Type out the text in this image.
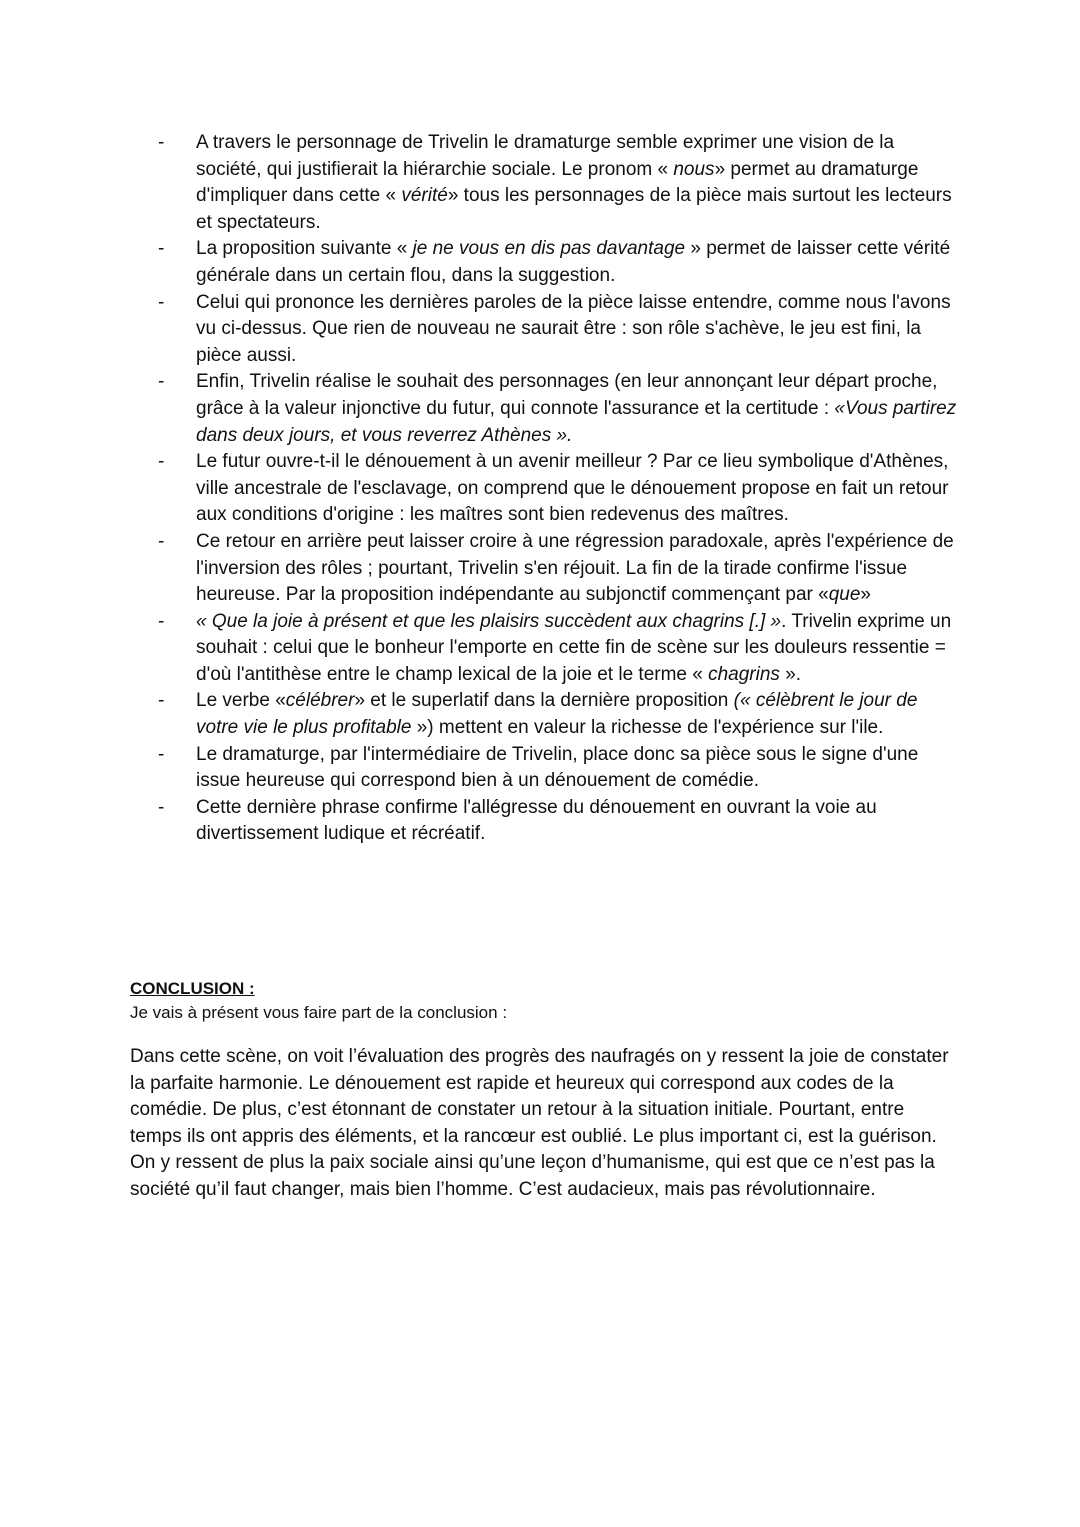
-	A travers le personnage de Trivelin le dramaturge semble exprimer une vision de la société, qui justifierait la hiérarchie sociale. Le pronom « nous» permet au dramaturge d'impliquer dans cette « vérité» tous les personnages de la pièce mais surtout les lecteurs et spectateurs.
-	La proposition suivante « je ne vous en dis pas davantage » permet de laisser cette vérité générale dans un certain flou, dans la suggestion.
-	Celui qui prononce les dernières paroles de la pièce laisse entendre, comme nous l'avons vu ci-dessus. Que rien de nouveau ne saurait être : son rôle s'achève, le jeu est fini, la pièce aussi.
-	Enfin, Trivelin réalise le souhait des personnages (en leur annonçant leur départ proche, grâce à la valeur injonctive du futur, qui connote l'assurance et la certitude : «Vous partirez dans deux jours, et vous reverrez Athènes ».
-	Le futur ouvre-t-il le dénouement à un avenir meilleur ? Par ce lieu symbolique d'Athènes, ville ancestrale de l'esclavage, on comprend que le dénouement propose en fait un retour aux conditions d'origine : les maîtres sont bien redevenus des maîtres.
-	Ce retour en arrière peut laisser croire à une régression paradoxale, après l'expérience de l'inversion des rôles ; pourtant, Trivelin s'en réjouit. La fin de la tirade confirme l'issue heureuse. Par la proposition indépendante au subjonctif commençant par «que»
-	« Que la joie à présent et que les plaisirs succèdent aux chagrins [.] ». Trivelin exprime un souhait : celui que le bonheur l'emporte en cette fin de scène sur les douleurs ressentie = d'où l'antithèse entre le champ lexical de la joie et le terme « chagrins ».
-	Le verbe «célébrer» et le superlatif dans la dernière proposition (« célèbrent le jour de votre vie le plus profitable ») mettent en valeur la richesse de l'expérience sur l'ile.
-	Le dramaturge, par l'intermédiaire de Trivelin, place donc sa pièce sous le signe d'une issue heureuse qui correspond bien à un dénouement de comédie.
-	Cette dernière phrase confirme l'allégresse du dénouement en ouvrant la voie au divertissement ludique et récréatif.

CONCLUSION :

Je vais à présent vous faire part de la conclusion :

Dans cette scène, on voit l’évaluation des progrès des naufragés on y ressent la joie de constater la parfaite harmonie. Le dénouement est rapide et heureux qui correspond aux codes de la comédie. De plus, c’est étonnant de constater un retour à la situation initiale. Pourtant, entre temps ils ont appris des éléments, et la rancœur est oublié. Le plus important ci, est la guérison. On y ressent de plus la paix sociale ainsi qu’une leçon d’humanisme, qui est que ce n’est pas la société qu’il faut changer, mais bien l’homme. C’est audacieux, mais pas révolutionnaire.
